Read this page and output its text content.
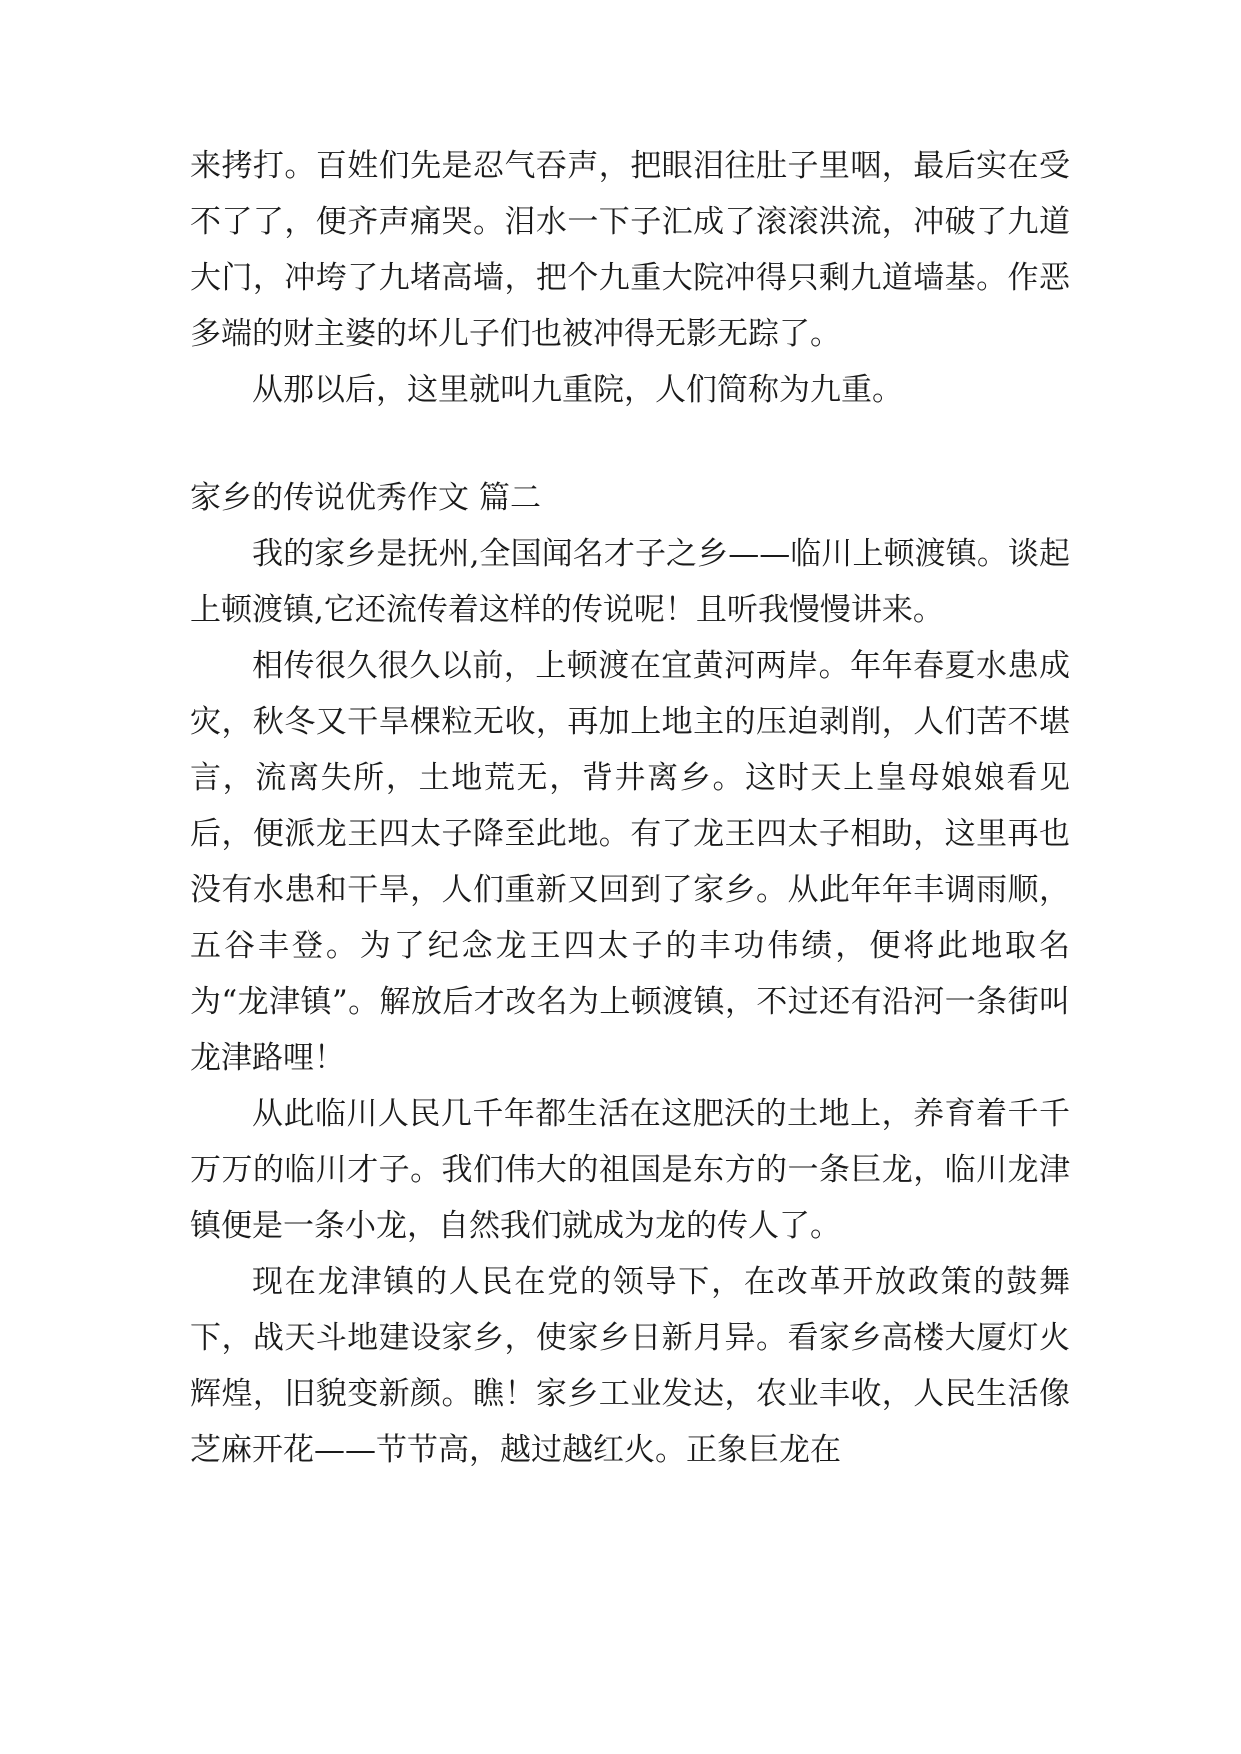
来拷打。百姓们先是忍气吞声，把眼泪往肚子里咽，最后实在受不了了，便齐声痛哭。泪水一下子汇成了滚滚洪流，冲破了九道大门，冲垮了九堵高墙，把个九重大院冲得只剩九道墙基。作恶多端的财主婆的坏儿子们也被冲得无影无踪了。

从那以后，这里就叫九重院，人们简称为九重。

家乡的传说优秀作文 篇二

我的家乡是抚州,全国闻名才子之乡——临川上顿渡镇。谈起上顿渡镇,它还流传着这样的传说呢！且听我慢慢讲来。

相传很久很久以前，上顿渡在宜黄河两岸。年年春夏水患成灾，秋冬又干旱棵粒无收，再加上地主的压迫剥削，人们苦不堪言，流离失所，土地荒无，背井离乡。这时天上皇母娘娘看见后，便派龙王四太子降至此地。有了龙王四太子相助，这里再也没有水患和干旱，人们重新又回到了家乡。从此年年丰调雨顺，五谷丰登。为了纪念龙王四太子的丰功伟绩，便将此地取名为“龙津镇”。解放后才改名为上顿渡镇，不过还有沿河一条街叫龙津路哩！

从此临川人民几千年都生活在这肥沃的土地上，养育着千千万万的临川才子。我们伟大的祖国是东方的一条巨龙，临川龙津镇便是一条小龙，自然我们就成为龙的传人了。

现在龙津镇的人民在党的领导下，在改革开放政策的鼓舞下，战天斗地建设家乡，使家乡日新月异。看家乡高楼大厦灯火辉煌，旧貌变新颜。瞧！家乡工业发达，农业丰收，人民生活像芝麻开花——节节高，越过越红火。正象巨龙在
